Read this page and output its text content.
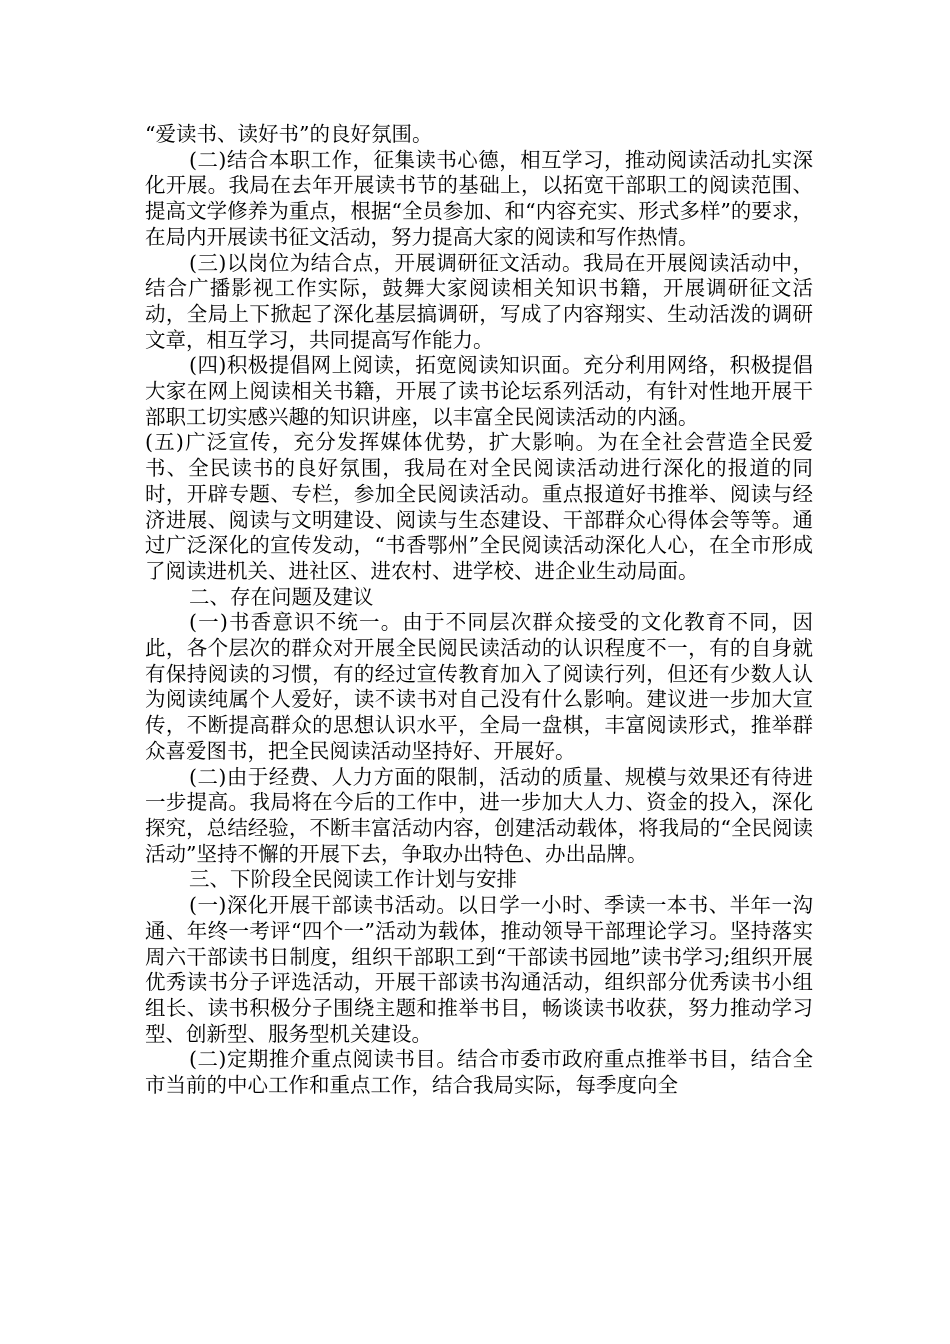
“爱读书、读好书”的良好氛围。

(二)结合本职工作，征集读书心德，相互学习，推动阅读活动扎实深化开展。我局在去年开展读书节的基础上，以拓宽干部职工的阅读范围、提高文学修养为重点，根据“全员参加、和“内容充实、形式多样”的要求，在局内开展读书征文活动，努力提高大家的阅读和写作热情。

(三)以岗位为结合点，开展调研征文活动。我局在开展阅读活动中，结合广播影视工作实际，鼓舞大家阅读相关知识书籍，开展调研征文活动，全局上下掀起了深化基层搞调研，写成了内容翔实、生动活泼的调研文章，相互学习，共同提高写作能力。

(四)积极提倡网上阅读，拓宽阅读知识面。充分利用网络，积极提倡大家在网上阅读相关书籍，开展了读书论坛系列活动，有针对性地开展干部职工切实感兴趣的知识讲座，以丰富全民阅读活动的内涵。

(五)广泛宣传，充分发挥媒体优势，扩大影响。为在全社会营造全民爱书、全民读书的良好氛围，我局在对全民阅读活动进行深化的报道的同时，开辟专题、专栏，参加全民阅读活动。重点报道好书推举、阅读与经济进展、阅读与文明建设、阅读与生态建设、干部群众心得体会等等。通过广泛深化的宣传发动，“书香鄂州”全民阅读活动深化人心，在全市形成了阅读进机关、进社区、进农村、进学校、进企业生动局面。

二、存在问题及建议

(一)书香意识不统一。由于不同层次群众接受的文化教育不同，因此，各个层次的群众对开展全民阅民读活动的认识程度不一，有的自身就有保持阅读的习惯，有的经过宣传教育加入了阅读行列，但还有少数人认为阅读纯属个人爱好，读不读书对自己没有什么影响。建议进一步加大宣传，不断提高群众的思想认识水平，全局一盘棋，丰富阅读形式，推举群众喜爱图书，把全民阅读活动坚持好、开展好。

(二)由于经费、人力方面的限制，活动的质量、规模与效果还有待进一步提高。我局将在今后的工作中，进一步加大人力、资金的投入，深化探究，总结经验，不断丰富活动内容，创建活动载体，将我局的“全民阅读活动”坚持不懈的开展下去，争取办出特色、办出品牌。

三、下阶段全民阅读工作计划与安排

(一)深化开展干部读书活动。以日学一小时、季读一本书、半年一沟通、年终一考评“四个一”活动为载体，推动领导干部理论学习。坚持落实周六干部读书日制度，组织干部职工到“干部读书园地”读书学习;组织开展优秀读书分子评选活动，开展干部读书沟通活动，组织部分优秀读书小组组长、读书积极分子围绕主题和推举书目，畅谈读书收获，努力推动学习型、创新型、服务型机关建设。

(二)定期推介重点阅读书目。结合市委市政府重点推举书目，结合全市当前的中心工作和重点工作，结合我局实际，每季度向全
